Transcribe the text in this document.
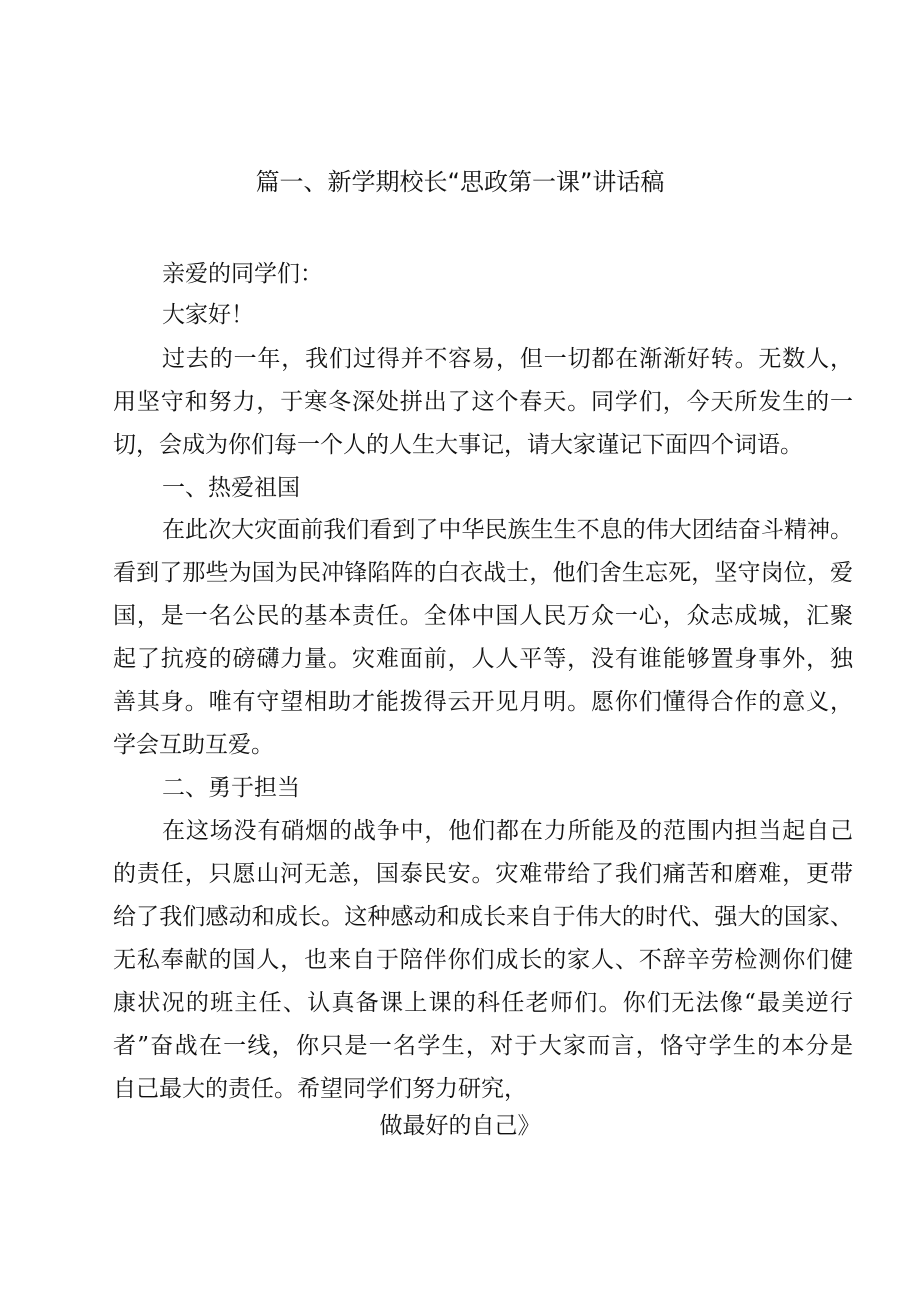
篇一、新学期校长“思政第一课”讲话稿

亲爱的同学们：

大家好！

过去的一年，我们过得并不容易，但一切都在渐渐好转。无数人，

用坚守和努力，于寒冬深处拼出了这个春天。同学们，今天所发生的一

切，会成为你们每一个人的人生大事记，请大家谨记下面四个词语。

一、热爱祖国

在此次大灾面前我们看到了中华民族生生不息的伟大团结奋斗精神。

看到了那些为国为民冲锋陷阵的白衣战士，他们舍生忘死，坚守岗位，爱

国，是一名公民的基本责任。全体中国人民万众一心，众志成城，汇聚

起了抗疫的磅礴力量。灾难面前，人人平等，没有谁能够置身事外，独

善其身。唯有守望相助才能拨得云开见月明。愿你们懂得合作的意义，

学会互助互爱。

二、勇于担当

在这场没有硝烟的战争中，他们都在力所能及的范围内担当起自己

的责任，只愿山河无恙，国泰民安。灾难带给了我们痛苦和磨难，更带

给了我们感动和成长。这种感动和成长来自于伟大的时代、强大的国家、

无私奉献的国人，也来自于陪伴你们成长的家人、不辞辛劳检测你们健

康状况的班主任、认真备课上课的科任老师们。你们无法像“最美逆行

者”奋战在一线，你只是一名学生，对于大家而言，恪守学生的本分是

自己最大的责任。希望同学们努力研究，

做最好的自己》
